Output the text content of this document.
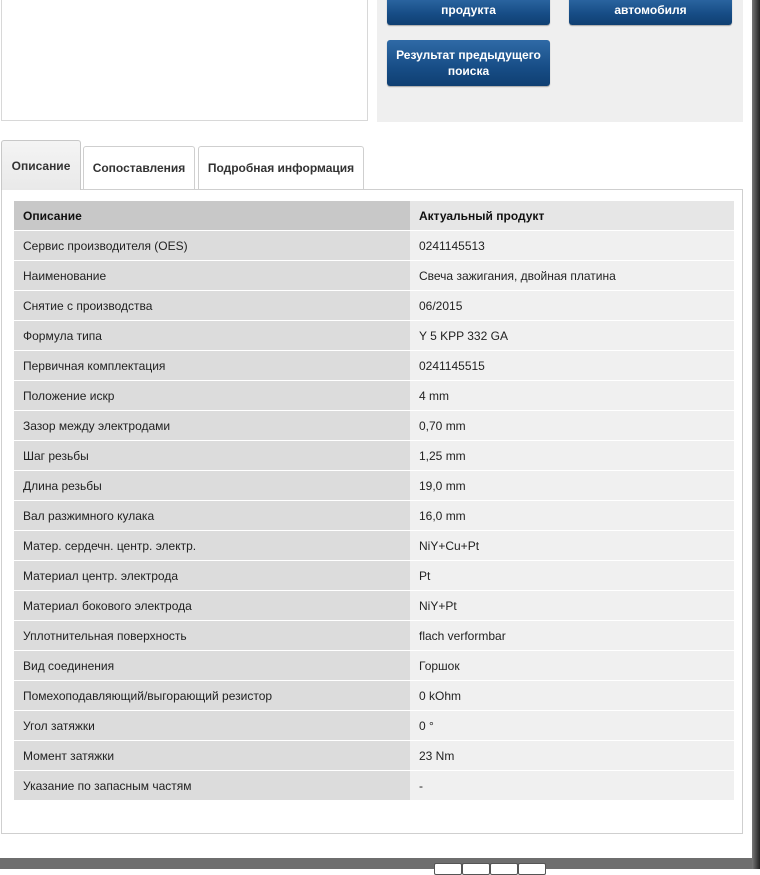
продукта	автомобиля
Результат предыдущего поиска
Описание	Сопоставления	Подробная информация
Описание	Актуальный продукт
Сервис производителя (OES)	0241145513
Наименование	Свеча зажигания, двойная платина
Снятие с производства	06/2015
Формула типа	Y 5 KPP 332 GA
Первичная комплектация	0241145515
Положение искр	4 mm
Зазор между электродами	0,70 mm
Шаг резьбы	1,25 mm
Длина резьбы	19,0 mm
Вал разжимного кулака	16,0 mm
Матер. сердечн. центр. электр.	NiY+Cu+Pt
Материал центр. электрода	Pt
Материал бокового электрода	NiY+Pt
Уплотнительная поверхность	flach verformbar
Вид соединения	Горшок
Помехоподавляющий/выгорающий резистор	0 kOhm
Угол затяжки	0 °
Момент затяжки	23 Nm
Указание по запасным частям	-
